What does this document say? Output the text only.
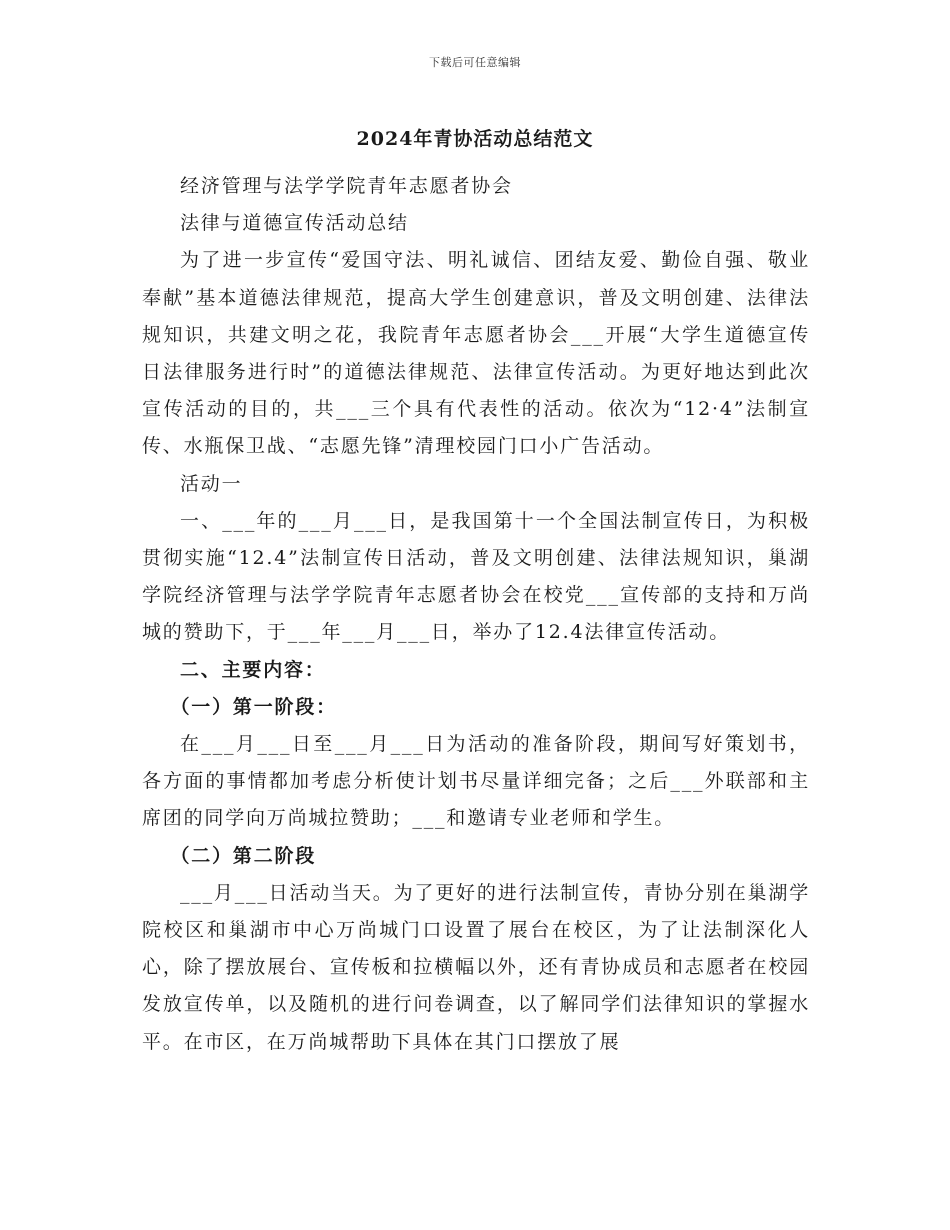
下载后可任意编辑
2024年青协活动总结范文

经济管理与法学学院青年志愿者协会

法律与道德宣传活动总结

为了进一步宣传“爱国守法、明礼诚信、团结友爱、勤俭自强、敬业奉献”基本道德法律规范，提高大学生创建意识，普及文明创建、法律法规知识，共建文明之花，我院青年志愿者协会___开展“大学生道德宣传日法律服务进行时”的道德法律规范、法律宣传活动。为更好地达到此次宣传活动的目的，共___三个具有代表性的活动。依次为“12·4”法制宣传、水瓶保卫战、“志愿先锋”清理校园门口小广告活动。

活动一

一、___年的___月___日，是我国第十一个全国法制宣传日，为积极贯彻实施“12.4”法制宣传日活动，普及文明创建、法律法规知识，巢湖学院经济管理与法学学院青年志愿者协会在校党___宣传部的支持和万尚城的赞助下，于___年___月___日，举办了12.4法律宣传活动。

二、主要内容：

（一）第一阶段：

在___月___日至___月___日为活动的准备阶段，期间写好策划书，各方面的事情都加考虑分析使计划书尽量详细完备；之后___外联部和主席团的同学向万尚城拉赞助；___和邀请专业老师和学生。

（二）第二阶段

___月___日活动当天。为了更好的进行法制宣传，青协分别在巢湖学院校区和巢湖市中心万尚城门口设置了展台在校区，为了让法制深化人心，除了摆放展台、宣传板和拉横幅以外，还有青协成员和志愿者在校园发放宣传单，以及随机的进行问卷调查，以了解同学们法律知识的掌握水平。在市区，在万尚城帮助下具体在其门口摆放了展
